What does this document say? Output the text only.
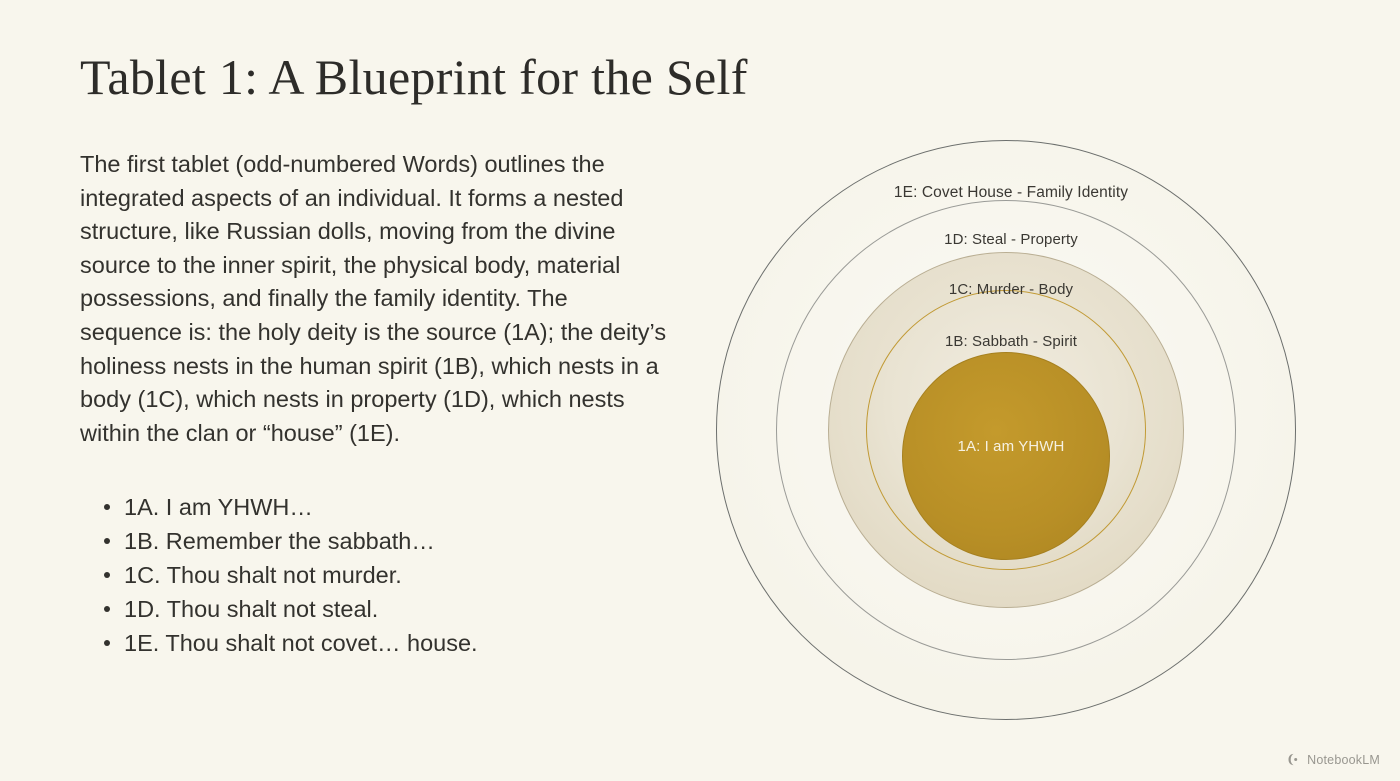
Tablet 1: A Blueprint for the Self

The first tablet (odd-numbered Words) outlines the integrated aspects of an individual. It forms a nested structure, like Russian dolls, moving from the divine source to the inner spirit, the physical body, material possessions, and finally the family identity. The sequence is: the holy deity is the source (1A); the deity’s holiness nests in the human spirit (1B), which nests in a body (1C), which nests in property (1D), which nests within the clan or “house” (1E).

1A. I am YHWH…
1B. Remember the sabbath…
1C. Thou shalt not murder.
1D. Thou shalt not steal.
1E. Thou shalt not covet… house.
1E: Covet House - Family Identity
1D: Steal - Property
1C: Murder - Body
1B: Sabbath - Spirit
1A: I am YHWH
NotebookLM
